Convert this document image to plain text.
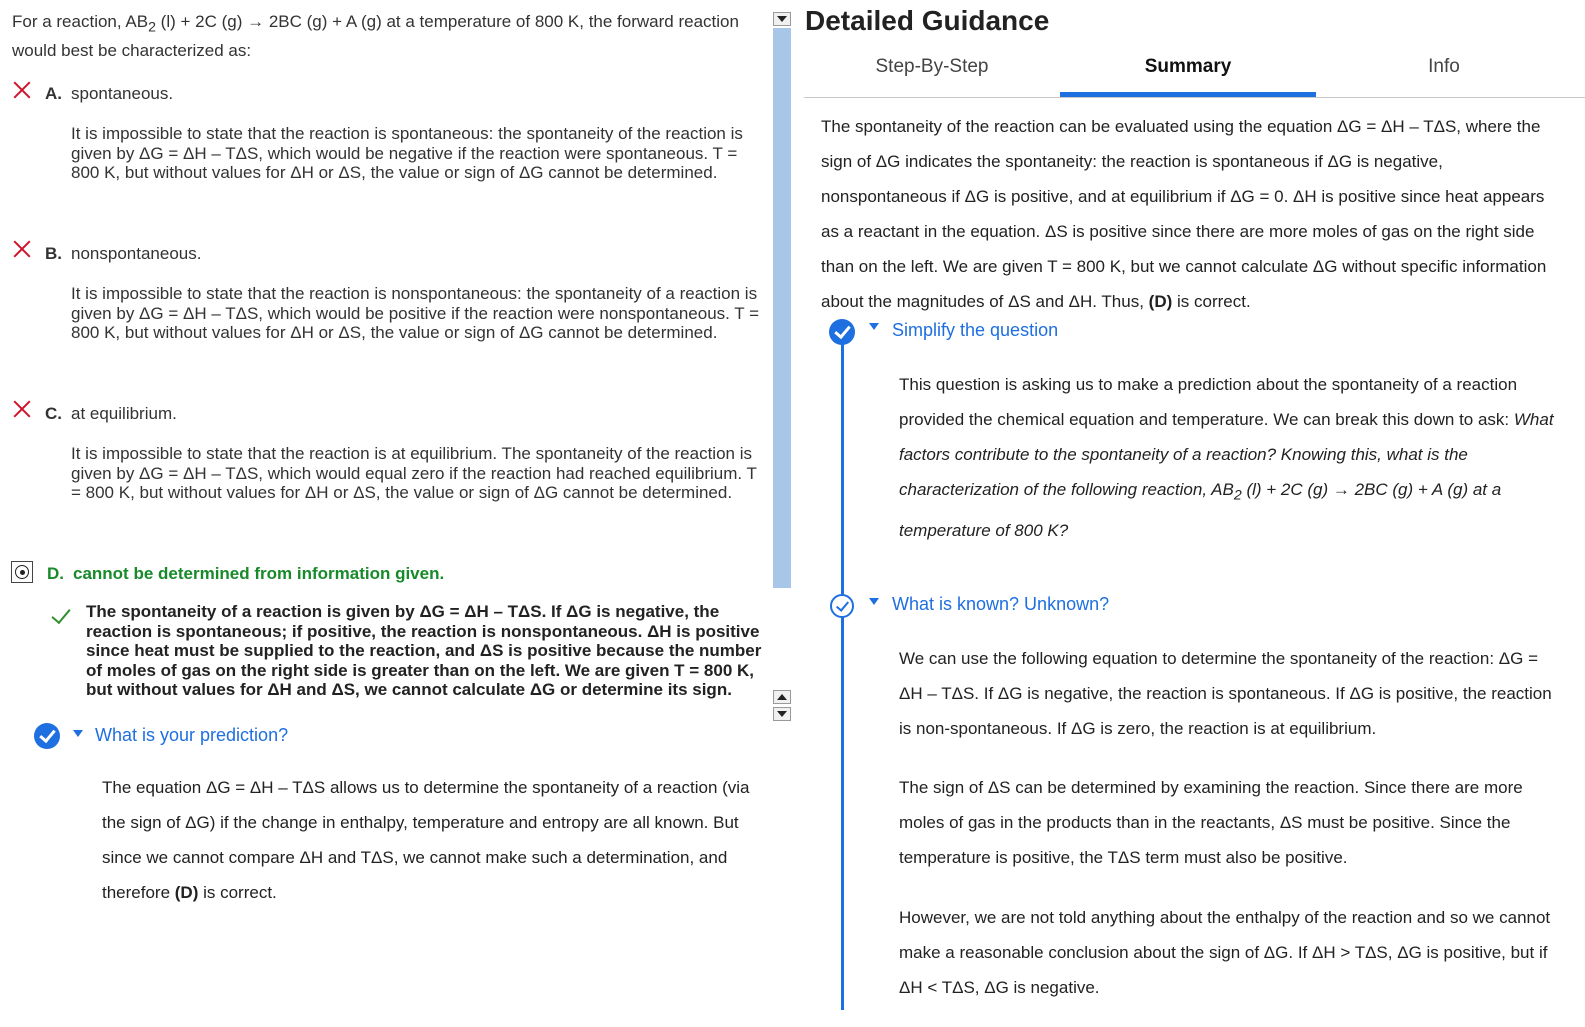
For a reaction, $AB_2$ (l) + 2C (g) → 2BC (g) + A (g) at a temperature of 800 K, the forward reaction would best be characterized as:
A. spontaneous.
It is impossible to state that the reaction is spontaneous: the spontaneity of the reaction is given by ΔG = ΔH – TΔS, which would be negative if the reaction were spontaneous. T = 800 K, but without values for ΔH or ΔS, the value or sign of ΔG cannot be determined.
B. nonspontaneous.
It is impossible to state that the reaction is nonspontaneous: the spontaneity of a reaction is given by ΔG = ΔH – TΔS, which would be positive if the reaction were nonspontaneous. T = 800 K, but without values for ΔH or ΔS, the value or sign of ΔG cannot be determined.
C. at equilibrium.
It is impossible to state that the reaction is at equilibrium. The spontaneity of the reaction is given by ΔG = ΔH – TΔS, which would equal zero if the reaction had reached equilibrium. T = 800 K, but without values for ΔH or ΔS, the value or sign of ΔG cannot be determined.
D. cannot be determined from information given.
The spontaneity of a reaction is given by ΔG = ΔH – TΔS. If ΔG is negative, the reaction is spontaneous; if positive, the reaction is nonspontaneous. ΔH is positive since heat must be supplied to the reaction, and ΔS is positive because the number of moles of gas on the right side is greater than on the left. We are given T = 800 K, but without values for ΔH and ΔS, we cannot calculate ΔG or determine its sign.
What is your prediction?
The equation ΔG = ΔH – TΔS allows us to determine the spontaneity of a reaction (via the sign of ΔG) if the change in enthalpy, temperature and entropy are all known. But since we cannot compare ΔH and TΔS, we cannot make such a determination, and therefore (D) is correct.
Detailed Guidance
Step-By-Step	Summary	Info
The spontaneity of the reaction can be evaluated using the equation ΔG = ΔH – TΔS, where the sign of ΔG indicates the spontaneity: the reaction is spontaneous if ΔG is negative, nonspontaneous if ΔG is positive, and at equilibrium if ΔG = 0. ΔH is positive since heat appears as a reactant in the equation. ΔS is positive since there are more moles of gas on the right side than on the left. We are given T = 800 K, but we cannot calculate ΔG without specific information about the magnitudes of ΔS and ΔH. Thus, (D) is correct.
Simplify the question
This question is asking us to make a prediction about the spontaneity of a reaction provided the chemical equation and temperature. We can break this down to ask: What factors contribute to the spontaneity of a reaction? Knowing this, what is the characterization of the following reaction, $AB_2$ (l) + 2C (g) → 2BC (g) + A (g) at a temperature of 800 K?
What is known? Unknown?
We can use the following equation to determine the spontaneity of the reaction: ΔG = ΔH – TΔS. If ΔG is negative, the reaction is spontaneous. If ΔG is positive, the reaction is non-spontaneous. If ΔG is zero, the reaction is at equilibrium.
The sign of ΔS can be determined by examining the reaction. Since there are more moles of gas in the products than in the reactants, ΔS must be positive. Since the temperature is positive, the TΔS term must also be positive.
However, we are not told anything about the enthalpy of the reaction and so we cannot make a reasonable conclusion about the sign of ΔG. If ΔH > TΔS, ΔG is positive, but if ΔH < TΔS, ΔG is negative.
